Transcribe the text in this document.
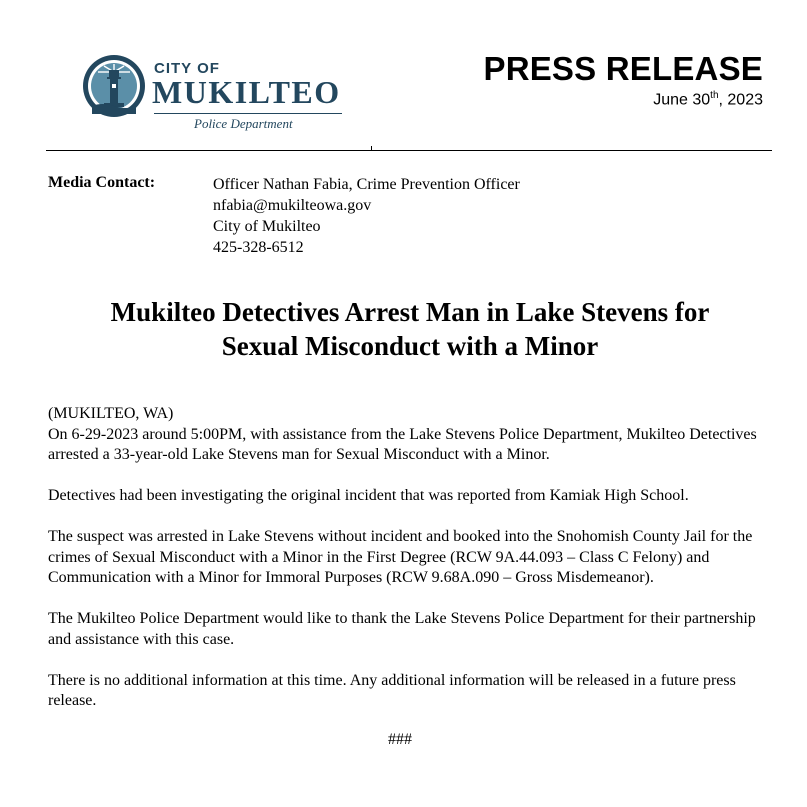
CITY OF
MUKILTEO
Police Department
PRESS RELEASE
June 30th, 2023
Media Contact:	Officer Nathan Fabia, Crime Prevention Officer
nfabia@mukilteowa.gov
City of Mukilteo
425-328-6512
Mukilteo Detectives Arrest Man in Lake Stevens for
Sexual Misconduct with a Minor
(MUKILTEO, WA)

On 6-29-2023 around 5:00PM, with assistance from the Lake Stevens Police Department, Mukilteo Detectives arrested a 33-year-old Lake Stevens man for Sexual Misconduct with a Minor.

Detectives had been investigating the original incident that was reported from Kamiak High School.

The suspect was arrested in Lake Stevens without incident and booked into the Snohomish County Jail for the crimes of Sexual Misconduct with a Minor in the First Degree (RCW 9A.44.093 – Class C Felony) and Communication with a Minor for Immoral Purposes (RCW 9.68A.090 – Gross Misdemeanor).

The Mukilteo Police Department would like to thank the Lake Stevens Police Department for their partnership and assistance with this case.

There is no additional information at this time. Any additional information will be released in a future press release.

###
